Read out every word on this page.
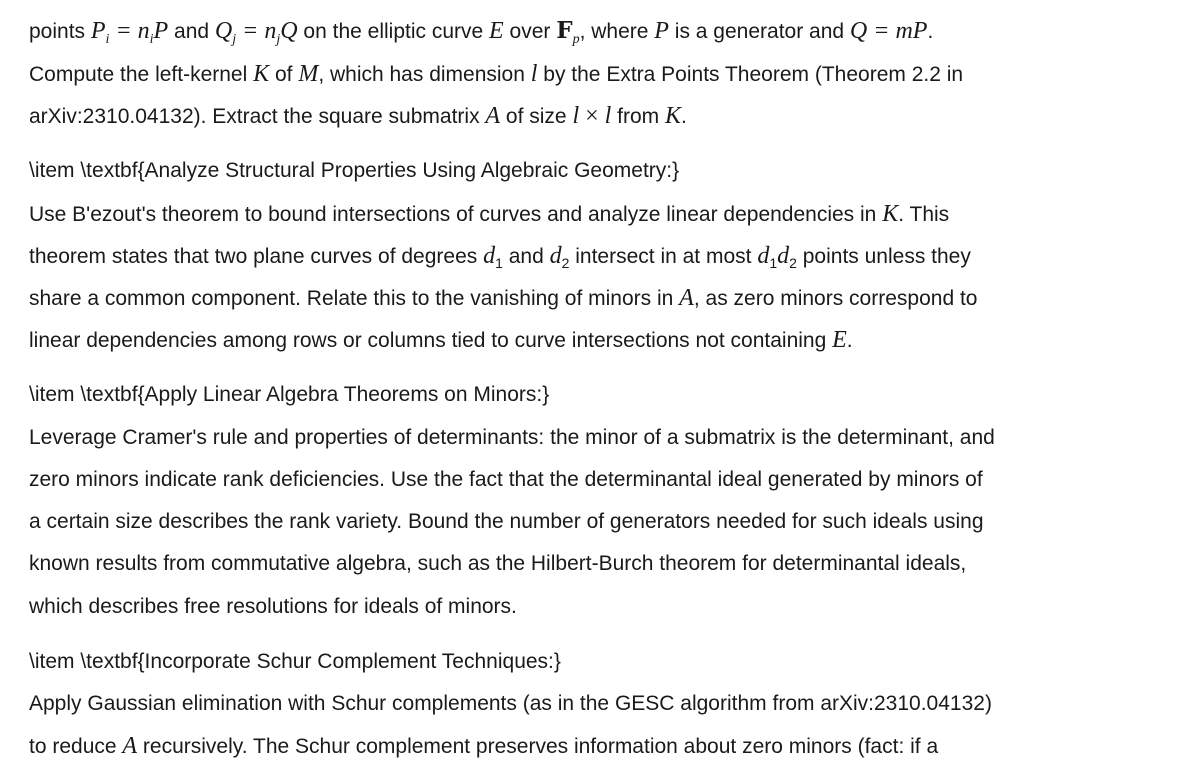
points $P_i = n_iP$ and $Q_j = n_jQ$ on the elliptic curve E over $F_p$, where P is a generator and Q = mP.
Compute the left-kernel K of M, which has dimension l by the Extra Points Theorem (Theorem 2.2 in
arXiv:2310.04132). Extract the square submatrix A of size l × l from K.
\item \textbf{Analyze Structural Properties Using Algebraic Geometry:}
Use B'ezout's theorem to bound intersections of curves and analyze linear dependencies in K. This
theorem states that two plane curves of degrees $d_1$ and $d_2$ intersect in at most $d_1d_2$ points unless they
share a common component. Relate this to the vanishing of minors in A, as zero minors correspond to
linear dependencies among rows or columns tied to curve intersections not containing E.
\item \textbf{Apply Linear Algebra Theorems on Minors:}
Leverage Cramer's rule and properties of determinants: the minor of a submatrix is the determinant, and
zero minors indicate rank deficiencies. Use the fact that the determinantal ideal generated by minors of
a certain size describes the rank variety. Bound the number of generators needed for such ideals using
known results from commutative algebra, such as the Hilbert-Burch theorem for determinantal ideals,
which describes free resolutions for ideals of minors.
\item \textbf{Incorporate Schur Complement Techniques:}
Apply Gaussian elimination with Schur complements (as in the GESC algorithm from arXiv:2310.04132)
to reduce A recursively. The Schur complement preserves information about zero minors (fact: if a
